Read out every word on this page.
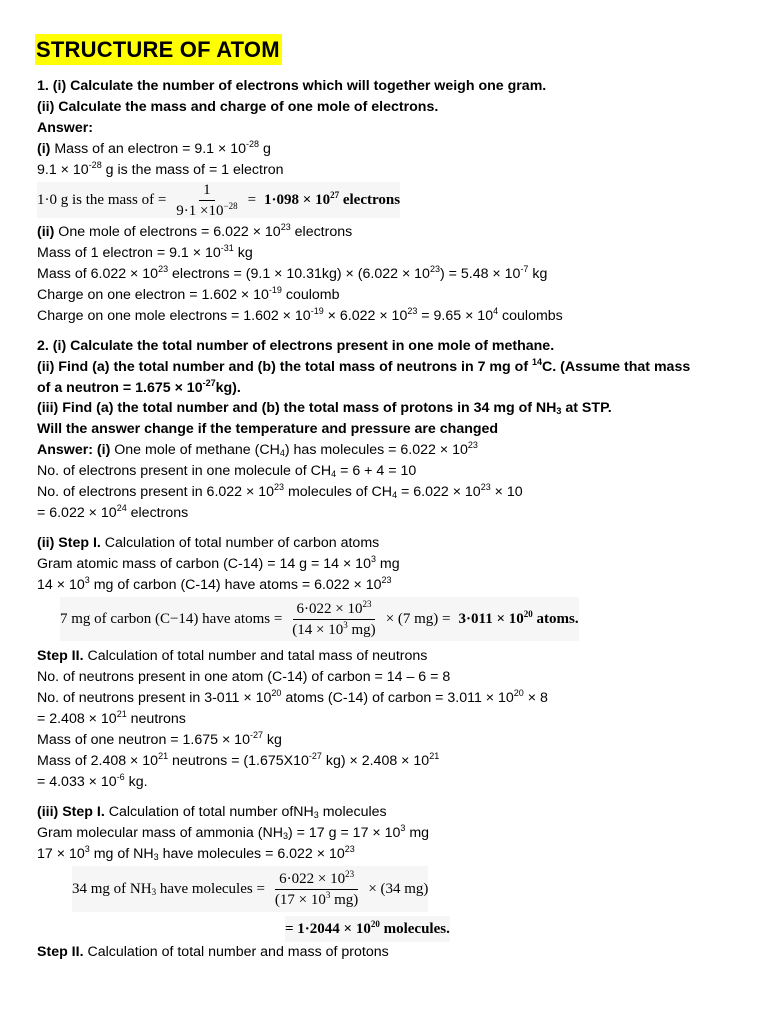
STRUCTURE OF ATOM
1. (i) Calculate the number of electrons which will together weigh one gram.
(ii) Calculate the mass and charge of one mole of electrons.
Answer:
(i) Mass of an electron = $9.1 \times 10^{-28}$ g
$9.1 \times 10^{-28}$ g is the mass of = 1 electron
1·0 g is the mass of = $\frac{1}{9\cdot 1 \times 10^{-28}} = 1\cdot 098 \times 10^{27}$ electrons
(ii) One mole of electrons = $6.022 \times 10^{23}$ electrons
Mass of 1 electron = $9.1 \times 10^{-31}$ kg
Mass of $6.022 \times 10^{23}$ electrons = $(9.1 \times 10.31kg) \times (6.022 \times 10^{23}) = 5.48 \times 10^{-7}$ kg
Charge on one electron = $1.602 \times 10^{-19}$ coulomb
Charge on one mole electrons = $1.602 \times 10^{-19} \times 6.022 \times 10^{23} = 9.65 \times 10^4$ coulombs
2. (i) Calculate the total number of electrons present in one mole of methane.
(ii) Find (a) the total number and (b) the total mass of neutrons in 7 mg of $^{14}$C. (Assume that mass
of a neutron = $1.675 \times 10^{-27}kg$).
(iii) Find (a) the total number and (b) the total mass of protons in 34 mg of $NH_3$ at STP.
Will the answer change if the temperature and pressure are changed
Answer: (i) One mole of methane $(CH_4)$ has molecules = $6.022 \times 10^{23}$
No. of electrons present in one molecule of $CH_4 = 6 + 4 = 10$
No. of electrons present in $6.022 \times 10^{23}$ molecules of $CH_4 = 6.022 \times 10^{23} \times 10$
= $6.022 \times 10^{24}$ electrons
(ii) Step I. Calculation of total number of carbon atoms
Gram atomic mass of carbon (C-14) = 14 $g = 14 \times 10^3$ mg
$14 \times 10^3$ mg of carbon (C-14) have atoms = $6.022 \times 10^{23}$
7 mg of carbon (C−14) have atoms = $\frac{6\cdot 022 \times 10^{23}}{(14 \times 10^3 mg)} \times (7$ $mg) = 3\cdot 011 \times 10^{20}$ atoms.
Step II. Calculation of total number and tatal mass of neutrons
No. of neutrons present in one atom (C-14) of carbon = 14 – 6 = 8
No. of neutrons present in $3-011 \times 10^{20}$ atoms (C-14) of carbon = $3.011 \times 10^{20} \times 8$
= $2.408 \times 10^{21}$ neutrons
Mass of one neutron = $1.675 \times 10^{-27}$ kg
Mass of $2.408 \times 10^{21}$ neutrons = ($1.675X10^{-27}$ $kg) \times 2.408 \times 10^{21}$
= $4.033 \times 10^{-6}$ kg.
(iii) Step I. Calculation of total number ofNH$_3$ molecules
Gram molecular mass of ammonia $(NH_3) = 17$ $g = 17 \times 10^3$ mg
$17 \times 10^3$ mg of $NH_3$ have molecules = $6.022 \times 10^{23}$
34 mg of $NH_3$ have molecules = $\frac{6\cdot 022 \times 10^{23}}{(17 \times 10^3 mg)} \times (34$ mg)
= $1\cdot 2044 \times 10^{20}$ molecules.
Step II. Calculation of total number and mass of protons
